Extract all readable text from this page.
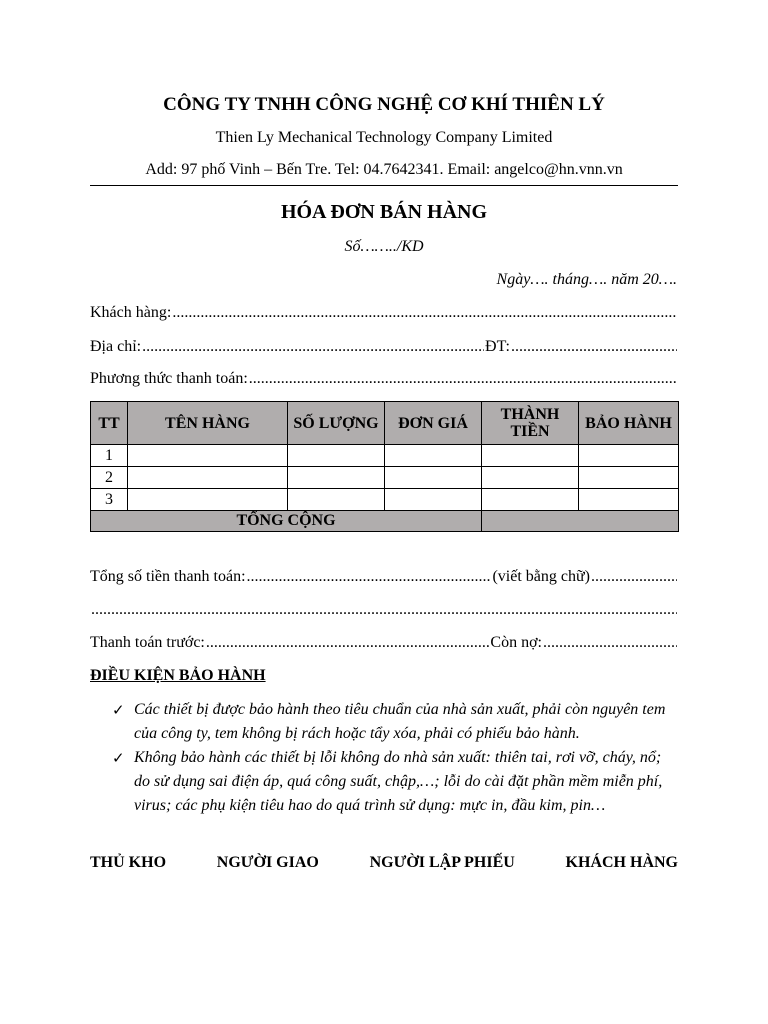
CÔNG TY TNHH CÔNG NGHỆ CƠ KHÍ THIÊN LÝ
Thien Ly Mechanical Technology Company Limited
Add: 97 phố Vinh – Bến Tre. Tel: 04.7642341. Email: angelco@hn.vnn.vn
HÓA ĐƠN BÁN HÀNG
Số……../KD
Ngày…. tháng…. năm 20….
Khách hàng:
.....
Địa chỉ: .....	ĐT:
.....
Phương thức thanh toán:
.....
TT	TÊN HÀNG	SỐ LƯỢNG	ĐƠN GIÁ	THÀNH TIỀN	BẢO HÀNH
1					
2					
3					
TỔNG CỘNG					
Tổng số tiền thanh toán: .....	(viết bằng chữ)
.....
.....
Thanh toán trước: .....	Còn nợ:
.....
ĐIỀU KIỆN BẢO HÀNH
✓ Các thiết bị được bảo hành theo tiêu chuẩn của nhà sản xuất, phải còn nguyên tem của công ty, tem không bị rách hoặc tẩy xóa, phải có phiếu bảo hành.
✓ Không bảo hành các thiết bị lỗi không do nhà sản xuất: thiên tai, rơi vỡ, cháy, nổ; do sử dụng sai điện áp, quá công suất, chập,…; lỗi do cài đặt phần mềm miễn phí, virus; các phụ kiện tiêu hao do quá trình sử dụng: mực in, đầu kim, pin…
THỦ KHO	NGƯỜI GIAO	NGƯỜI LẬP PHIẾU	KHÁCH HÀNG
